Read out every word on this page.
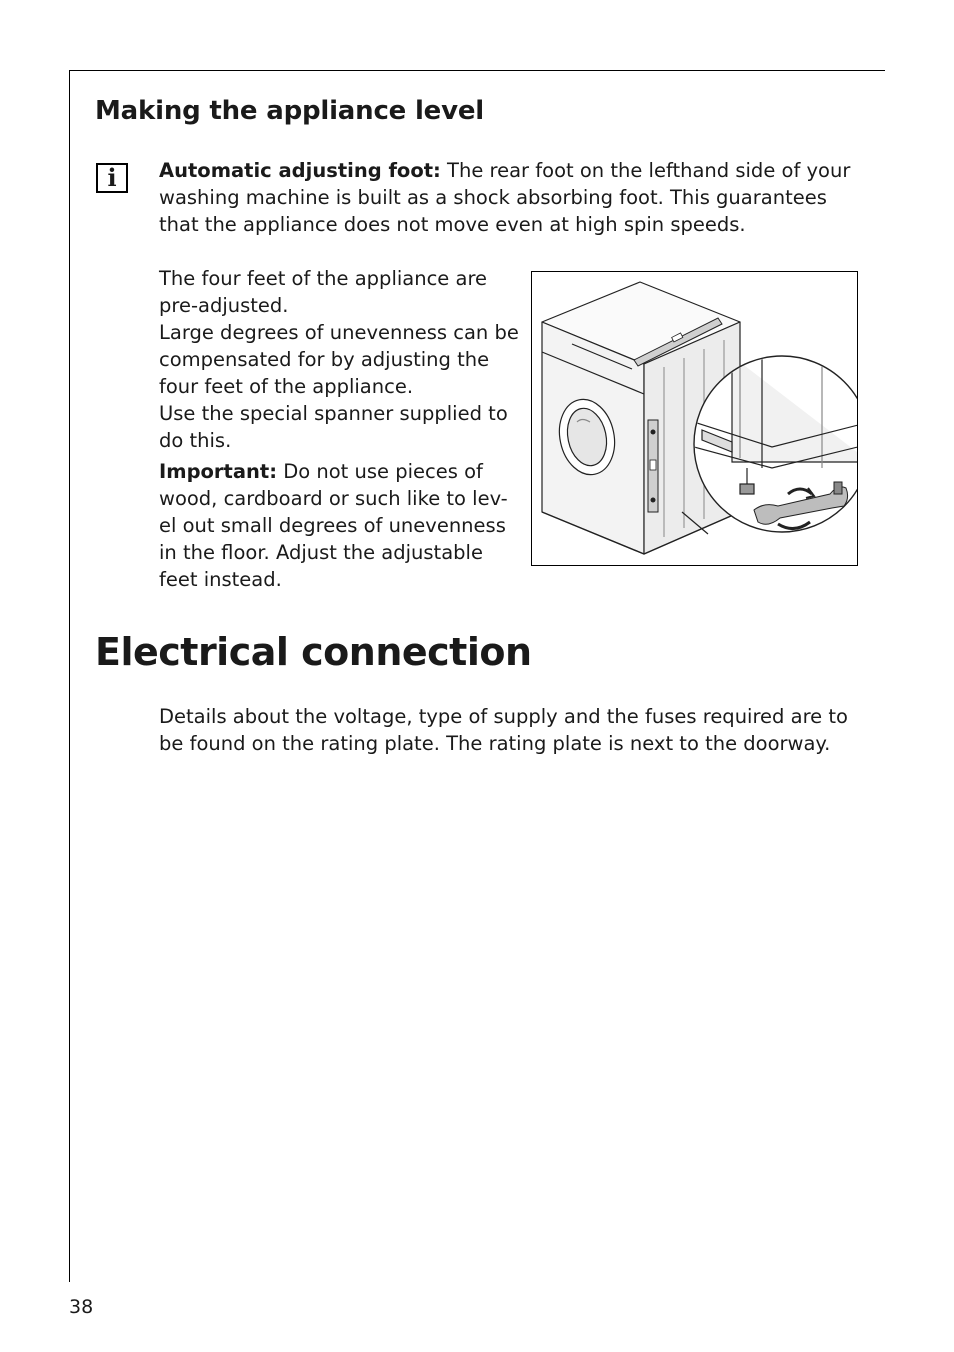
Making the appliance level
i	Automatic adjusting foot: The rear foot on the lefthand side of your washing machine is built as a shock absorbing foot. This guarantees that the appliance does not move even at high spin speeds.

The four feet of the appliance are pre-adjusted.

Large degrees of unevenness can be compensated for by adjusting the four feet of the appliance.

Use the special spanner supplied to do this.

Important: Do not use pieces of wood, cardboard or such like to lev- el out small degrees of unevenness in the floor. Adjust the adjustable feet instead.

Electrical connection

Details about the voltage, type of supply and the fuses required are to be found on the rating plate. The rating plate is next to the doorway.

38
